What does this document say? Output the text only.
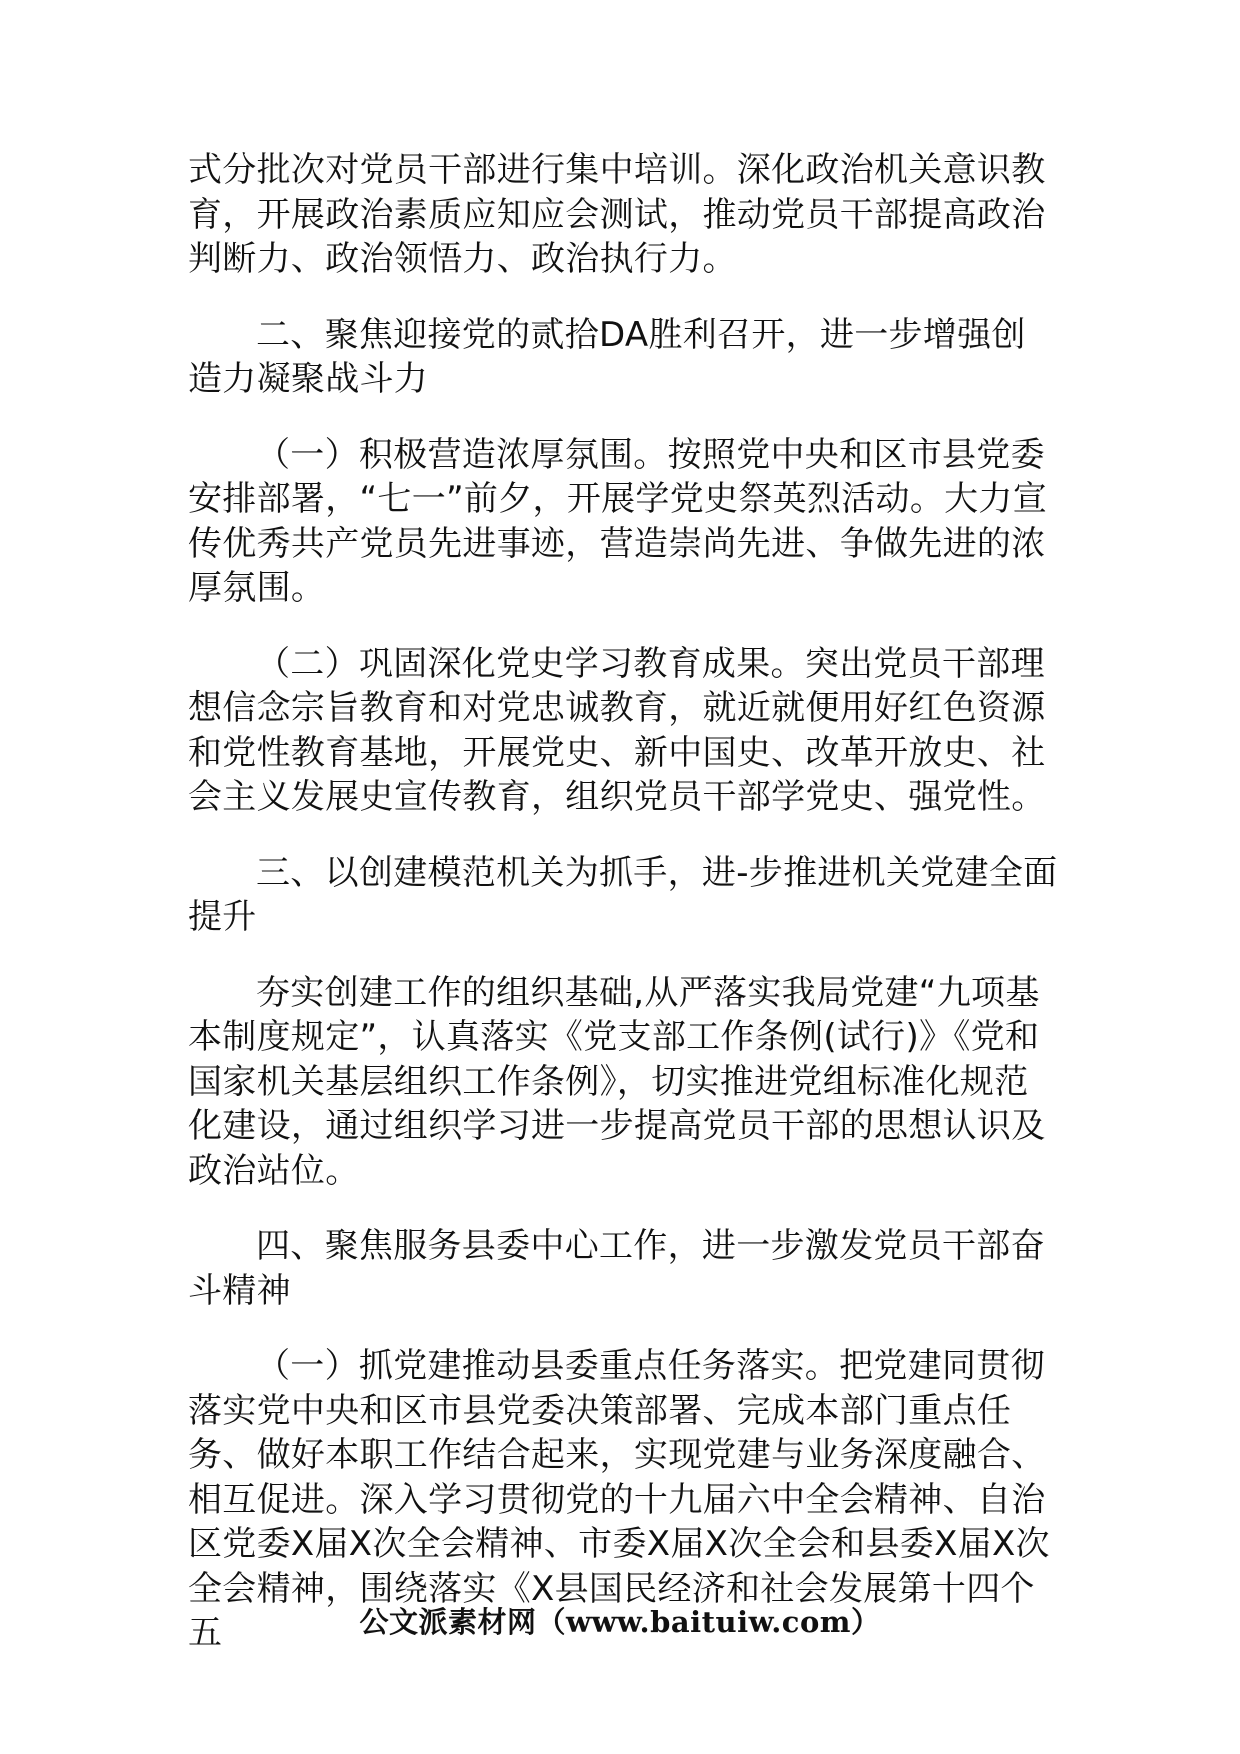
式分批次对党员干部进行集中培训。深化政治机关意识教育，开展政治素质应知应会测试，推动党员干部提高政治判断力、政治领悟力、政治执行力。

二、聚焦迎接党的贰拾DA胜利召开，进一步增强创造力凝聚战斗力

（一）积极营造浓厚氛围。按照党中央和区市县党委安排部署，“七一”前夕，开展学党史祭英烈活动。大力宣传优秀共产党员先进事迹，营造崇尚先进、争做先进的浓厚氛围。

（二）巩固深化党史学习教育成果。突出党员干部理想信念宗旨教育和对党忠诚教育，就近就便用好红色资源和党性教育基地，开展党史、新中国史、改革开放史、社会主义发展史宣传教育，组织党员干部学党史、强党性。

三、以创建模范机关为抓手，进-步推进机关党建全面提升

夯实创建工作的组织基础,从严落实我局党建“九项基本制度规定”，认真落实《党支部工作条例(试行)》《党和国家机关基层组织工作条例》，切实推进党组标准化规范化建设，通过组织学习进一步提高党员干部的思想认识及政治站位。

四、聚焦服务县委中心工作，进一步激发党员干部奋斗精神

（一）抓党建推动县委重点任务落实。把党建同贯彻落实党中央和区市县党委决策部署、完成本部门重点任务、做好本职工作结合起来，实现党建与业务深度融合、相互促进。深入学习贯彻党的十九届六中全会精神、自治区党委X届X次全会精神、市委X届X次全会和县委X届X次全会精神，围绕落实《X县国民经济和社会发展第十四个五	公文派素材网（www.baituiw.com）
